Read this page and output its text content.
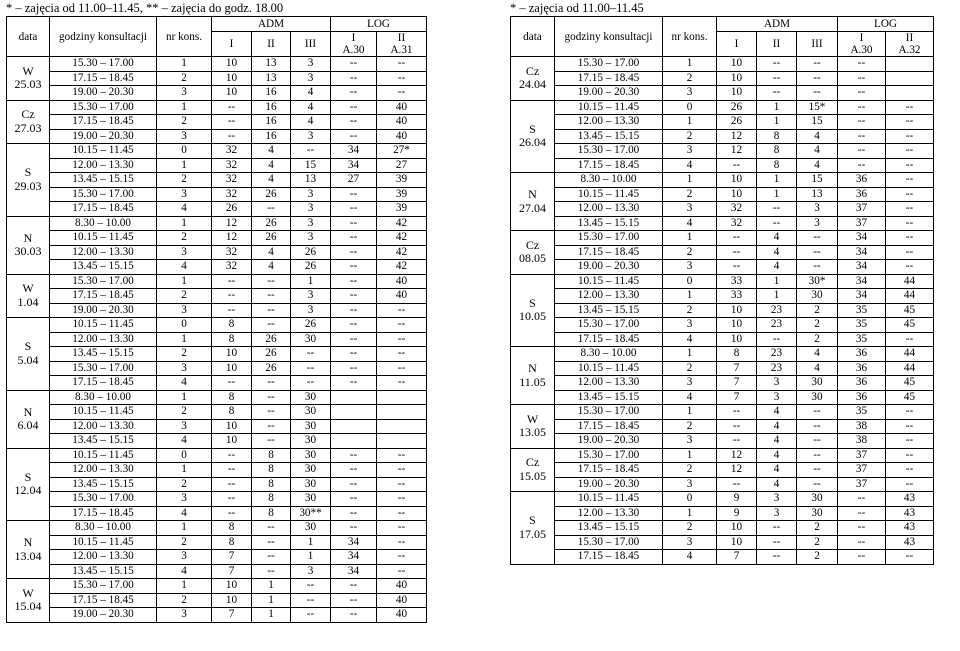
* – zajęcia od 11.00–11.45, ** – zajęcia do godz. 18.00
data	godziny konsultacji	nr kons.	ADM			LOG	
			I	II	III	I
A.30	II
A.31

W
25.03	15.30 – 17.00	1	10	13	3	--	--
	17.15 – 18.45	2	10	13	3	--	--
	19.00 – 20.30	3	10	16	4	--	--

Cz
27.03	15.30 – 17.00	1	--	16	4	--	40
	17.15 – 18.45	2	--	16	4	--	40
	19.00 – 20.30	3	--	16	3	--	40

S
29.03	10.15 – 11.45	0	32	4	--	34	27*
	12.00 – 13.30	1	32	4	15	34	27
	13.45 – 15.15	2	32	4	13	27	39
	15.30 – 17.00	3	32	26	3	--	39
	17.15 – 18.45	4	26	--	3	--	39

N
30.03	8.30 – 10.00	1	12	26	3	--	42
	10.15 – 11.45	2	12	26	3	--	42
	12.00 – 13.30	3	32	4	26	--	42
	13.45 – 15.15	4	32	4	26	--	42

W
1.04	15.30 – 17.00	1	--	--	1	--	40
	17.15 – 18.45	2	--	--	3	--	40
	19.00 – 20.30	3	--	--	3	--	--

S
5.04	10.15 – 11.45	0	8	--	26	--	--
	12.00 – 13.30	1	8	26	30	--	--
	13.45 – 15.15	2	10	26	--	--	--
	15.30 – 17.00	3	10	26	--	--	--
	17.15 – 18.45	4	--	--	--	--	--

N
6.04	8.30 – 10.00	1	8	--	30		
	10.15 – 11.45	2	8	--	30		
	12.00 – 13.30	3	10	--	30		
	13.45 – 15.15	4	10	--	30		

S
12.04	10.15 – 11.45	0	--	8	30	--	--
	12.00 – 13.30	1	--	8	30	--	--
	13.45 – 15.15	2	--	8	30	--	--
	15.30 – 17.00	3	--	8	30	--	--
	17.15 – 18.45	4	--	8	30**	--	--

N
13.04	8.30 – 10.00	1	8	--	30	--	--
	10.15 – 11.45	2	8	--	1	34	--
	12.00 – 13.30	3	7	--	1	34	--
	13.45 – 15.15	4	7	--	3	34	--

W
15.04	15.30 – 17.00	1	10	1	--	--	40
	17.15 – 18.45	2	10	1	--	--	40
	19.00 – 20.30	3	7	1	--	--	40
* – zajęcia od 11.00–11.45
data	godziny konsultacji	nr kons.	ADM			LOG	
			I	II	III	I
A.30	II
A.32

Cz
24.04	15.30 – 17.00	1	10	--	--	--	
	17.15 – 18.45	2	10	--	--	--	
	19.00 – 20.30	3	10	--	--	--	

S
26.04	10.15 – 11.45	0	26	1	15*	--	--
	12.00 – 13.30	1	26	1	15	--	--
	13.45 – 15.15	2	12	8	4	--	--
	15.30 – 17.00	3	12	8	4	--	--
	17.15 – 18.45	4	--	8	4	--	--

N
27.04	8.30 – 10.00	1	10	1	15	36	--
	10.15 – 11.45	2	10	1	13	36	--
	12.00 – 13.30	3	32	--	3	37	--
	13.45 – 15.15	4	32	--	3	37	--

Cz
08.05	15.30 – 17.00	1	--	4	--	34	--
	17.15 – 18.45	2	--	4	--	34	--
	19.00 – 20.30	3	--	4	--	34	--

S
10.05	10.15 – 11.45	0	33	1	30*	34	44
	12.00 – 13.30	1	33	1	30	34	44
	13.45 – 15.15	2	10	23	2	35	45
	15.30 – 17.00	3	10	23	2	35	45
	17.15 – 18.45	4	10	--	2	35	--

N
11.05	8.30 – 10.00	1	8	23	4	36	44
	10.15 – 11.45	2	7	23	4	36	44
	12.00 – 13.30	3	7	3	30	36	45
	13.45 – 15.15	4	7	3	30	36	45

W
13.05	15.30 – 17.00	1	--	4	--	35	--
	17.15 – 18.45	2	--	4	--	38	--
	19.00 – 20.30	3	--	4	--	38	--

Cz
15.05	15.30 – 17.00	1	12	4	--	37	--
	17.15 – 18.45	2	12	4	--	37	--
	19.00 – 20.30	3	--	4	--	37	--

S
17.05	10.15 – 11.45	0	9	3	30	--	43
	12.00 – 13.30	1	9	3	30	--	43
	13.45 – 15.15	2	10	--	2	--	43
	15.30 – 17.00	3	10	--	2	--	43
	17.15 – 18.45	4	7	--	2	--	--
